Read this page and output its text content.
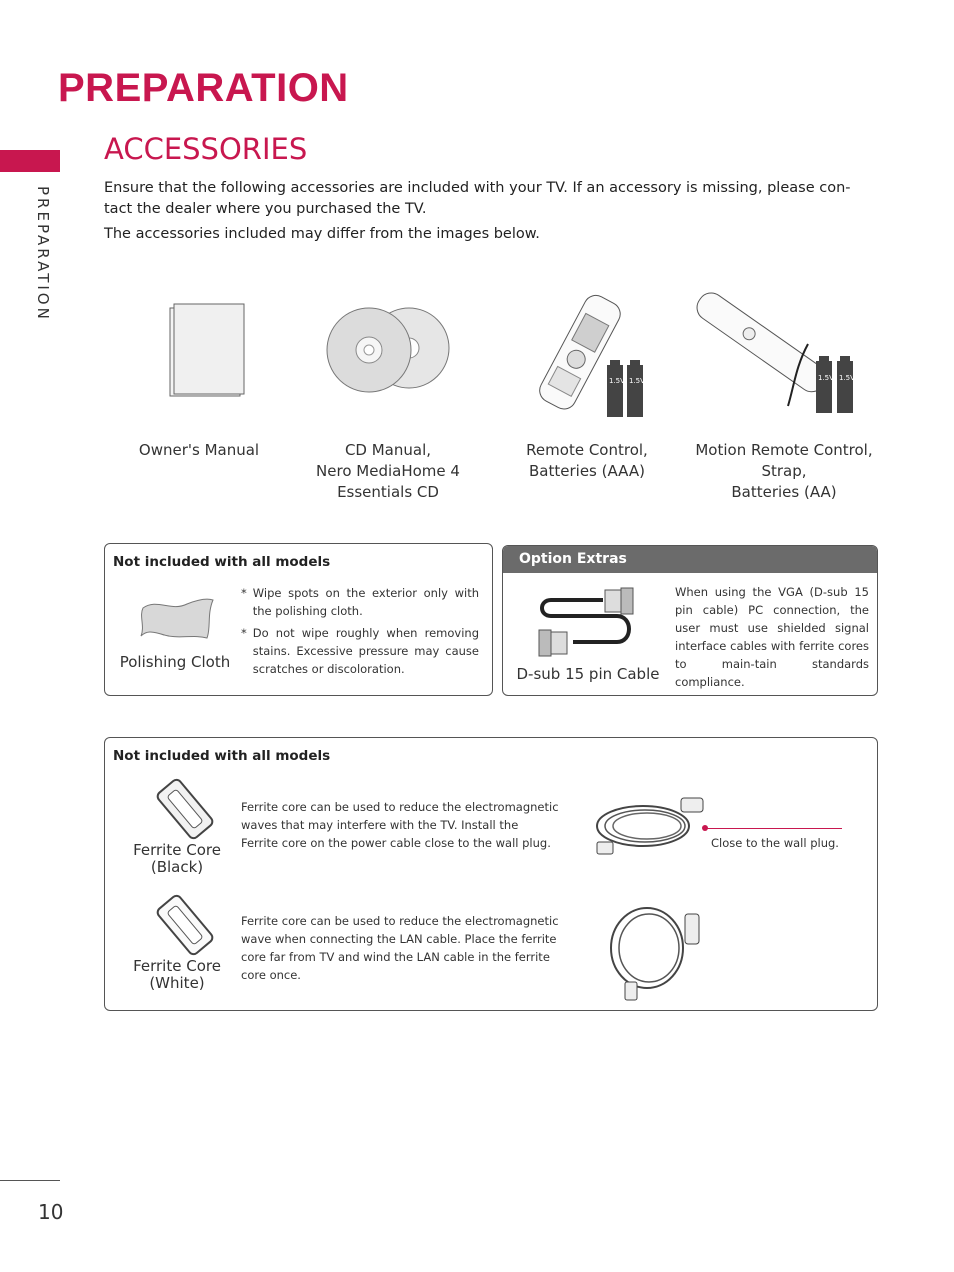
PREPARATION
PREPARATION
ACCESSORIES
Ensure that the following accessories are included with your TV. If an accessory is missing, please con-tact the dealer where you purchased the TV.
The accessories included may differ from the images below.
1.5V 1.5V	1.5V 1.5V
Owner's Manual	CD Manual,
Nero MediaHome 4
Essentials CD
Remote Control,
Batteries (AAA)
Motion Remote Control,
Strap,
Batteries (AA)
Not included with all models
Polishing Cloth
* Wipe spots on the exterior only with the polishing cloth.
* Do not wipe roughly when removing stains. Excessive pressure may cause scratches or discoloration.
Option Extras
D-sub 15 pin Cable
When using the VGA (D-sub 15 pin cable) PC connection, the user must use shielded signal interface cables with ferrite cores to main-tain standards compliance.
Not included with all models
Ferrite Core
(Black)
Ferrite core can be used to reduce the electromagnetic waves that may interfere with the TV. Install the Ferrite core on the power cable close to the wall plug.	Close to the wall plug.
Ferrite Core
(White)
Ferrite core can be used to reduce the electromagnetic wave when connecting the LAN cable. Place the ferrite core far from TV and wind the LAN cable in the ferrite core once.
10
